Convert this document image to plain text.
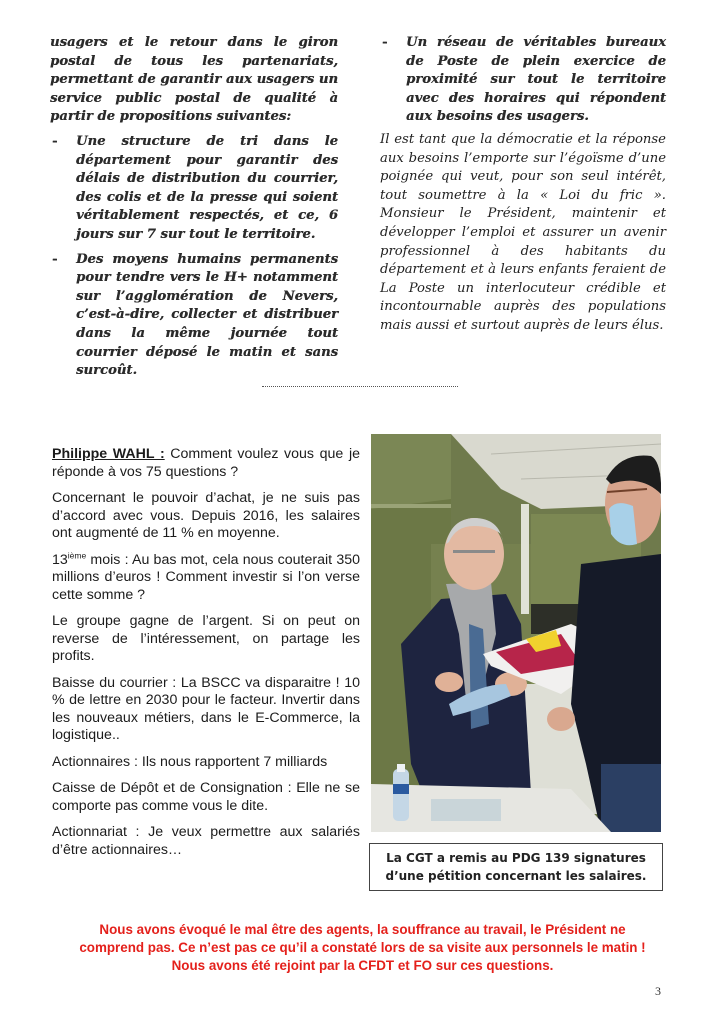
usagers et le retour dans le giron postal de tous les partenariats, permettant de garantir aux usagers un service public postal de qualité à partir de propositions suivantes:

- Une structure de tri dans le département pour garantir des délais de distribution du courrier, des colis et de la presse qui soient véritablement respectés, et ce, 6 jours sur 7 sur tout le territoire.
- Des moyens humains permanents pour tendre vers le H+ notamment sur l’agglomération de Nevers, c’est-à-dire, collecter et distribuer dans la même journée tout courrier déposé le matin et sans surcoût.
- Un réseau de véritables bureaux de Poste de plein exercice de proximité sur tout le territoire avec des horaires qui répondent aux besoins des usagers.

Il est tant que la démocratie et la réponse aux besoins l’emporte sur l’égoïsme d’une poignée qui veut, pour son seul intérêt, tout soumettre à la « Loi du fric ». Monsieur le Président, maintenir et développer l’emploi et assurer un avenir professionnel à des habitants du département et à leurs enfants feraient de La Poste un interlocuteur crédible et incontournable auprès des populations mais aussi et surtout auprès de leurs élus.

Philippe WAHL : Comment voulez vous que je réponde à vos 75 questions ?

Concernant le pouvoir d’achat, je ne suis pas d’accord avec vous. Depuis 2016, les salaires ont augmenté de 11 % en moyenne.

13ième mois : Au bas mot, cela nous couterait 350 millions d’euros ! Comment investir si l’on verse cette somme ?

Le groupe gagne de l’argent. Si on peut on reverse de l’intéressement, on partage les profits.

Baisse du courrier : La BSCC va disparaitre ! 10 % de lettre en 2030 pour le facteur. Invertir dans les nouveaux métiers, dans le E-Commerce, la logistique..

Actionnaires : Ils nous rapportent 7 milliards

Caisse de Dépôt et de Consignation : Elle ne se comporte pas comme vous le dite.

Actionnariat : Je veux permettre aux salariés d’être actionnaires…

La CGT a remis au PDG 139 signatures d’une pétition concernant les salaires.
Nous avons évoqué le mal être des agents, la souffrance au travail, le Président ne
comprend pas. Ce n’est pas ce qu’il a constaté lors de sa visite aux personnels le matin !
Nous avons été rejoint par la CFDT et FO sur ces questions.
3
